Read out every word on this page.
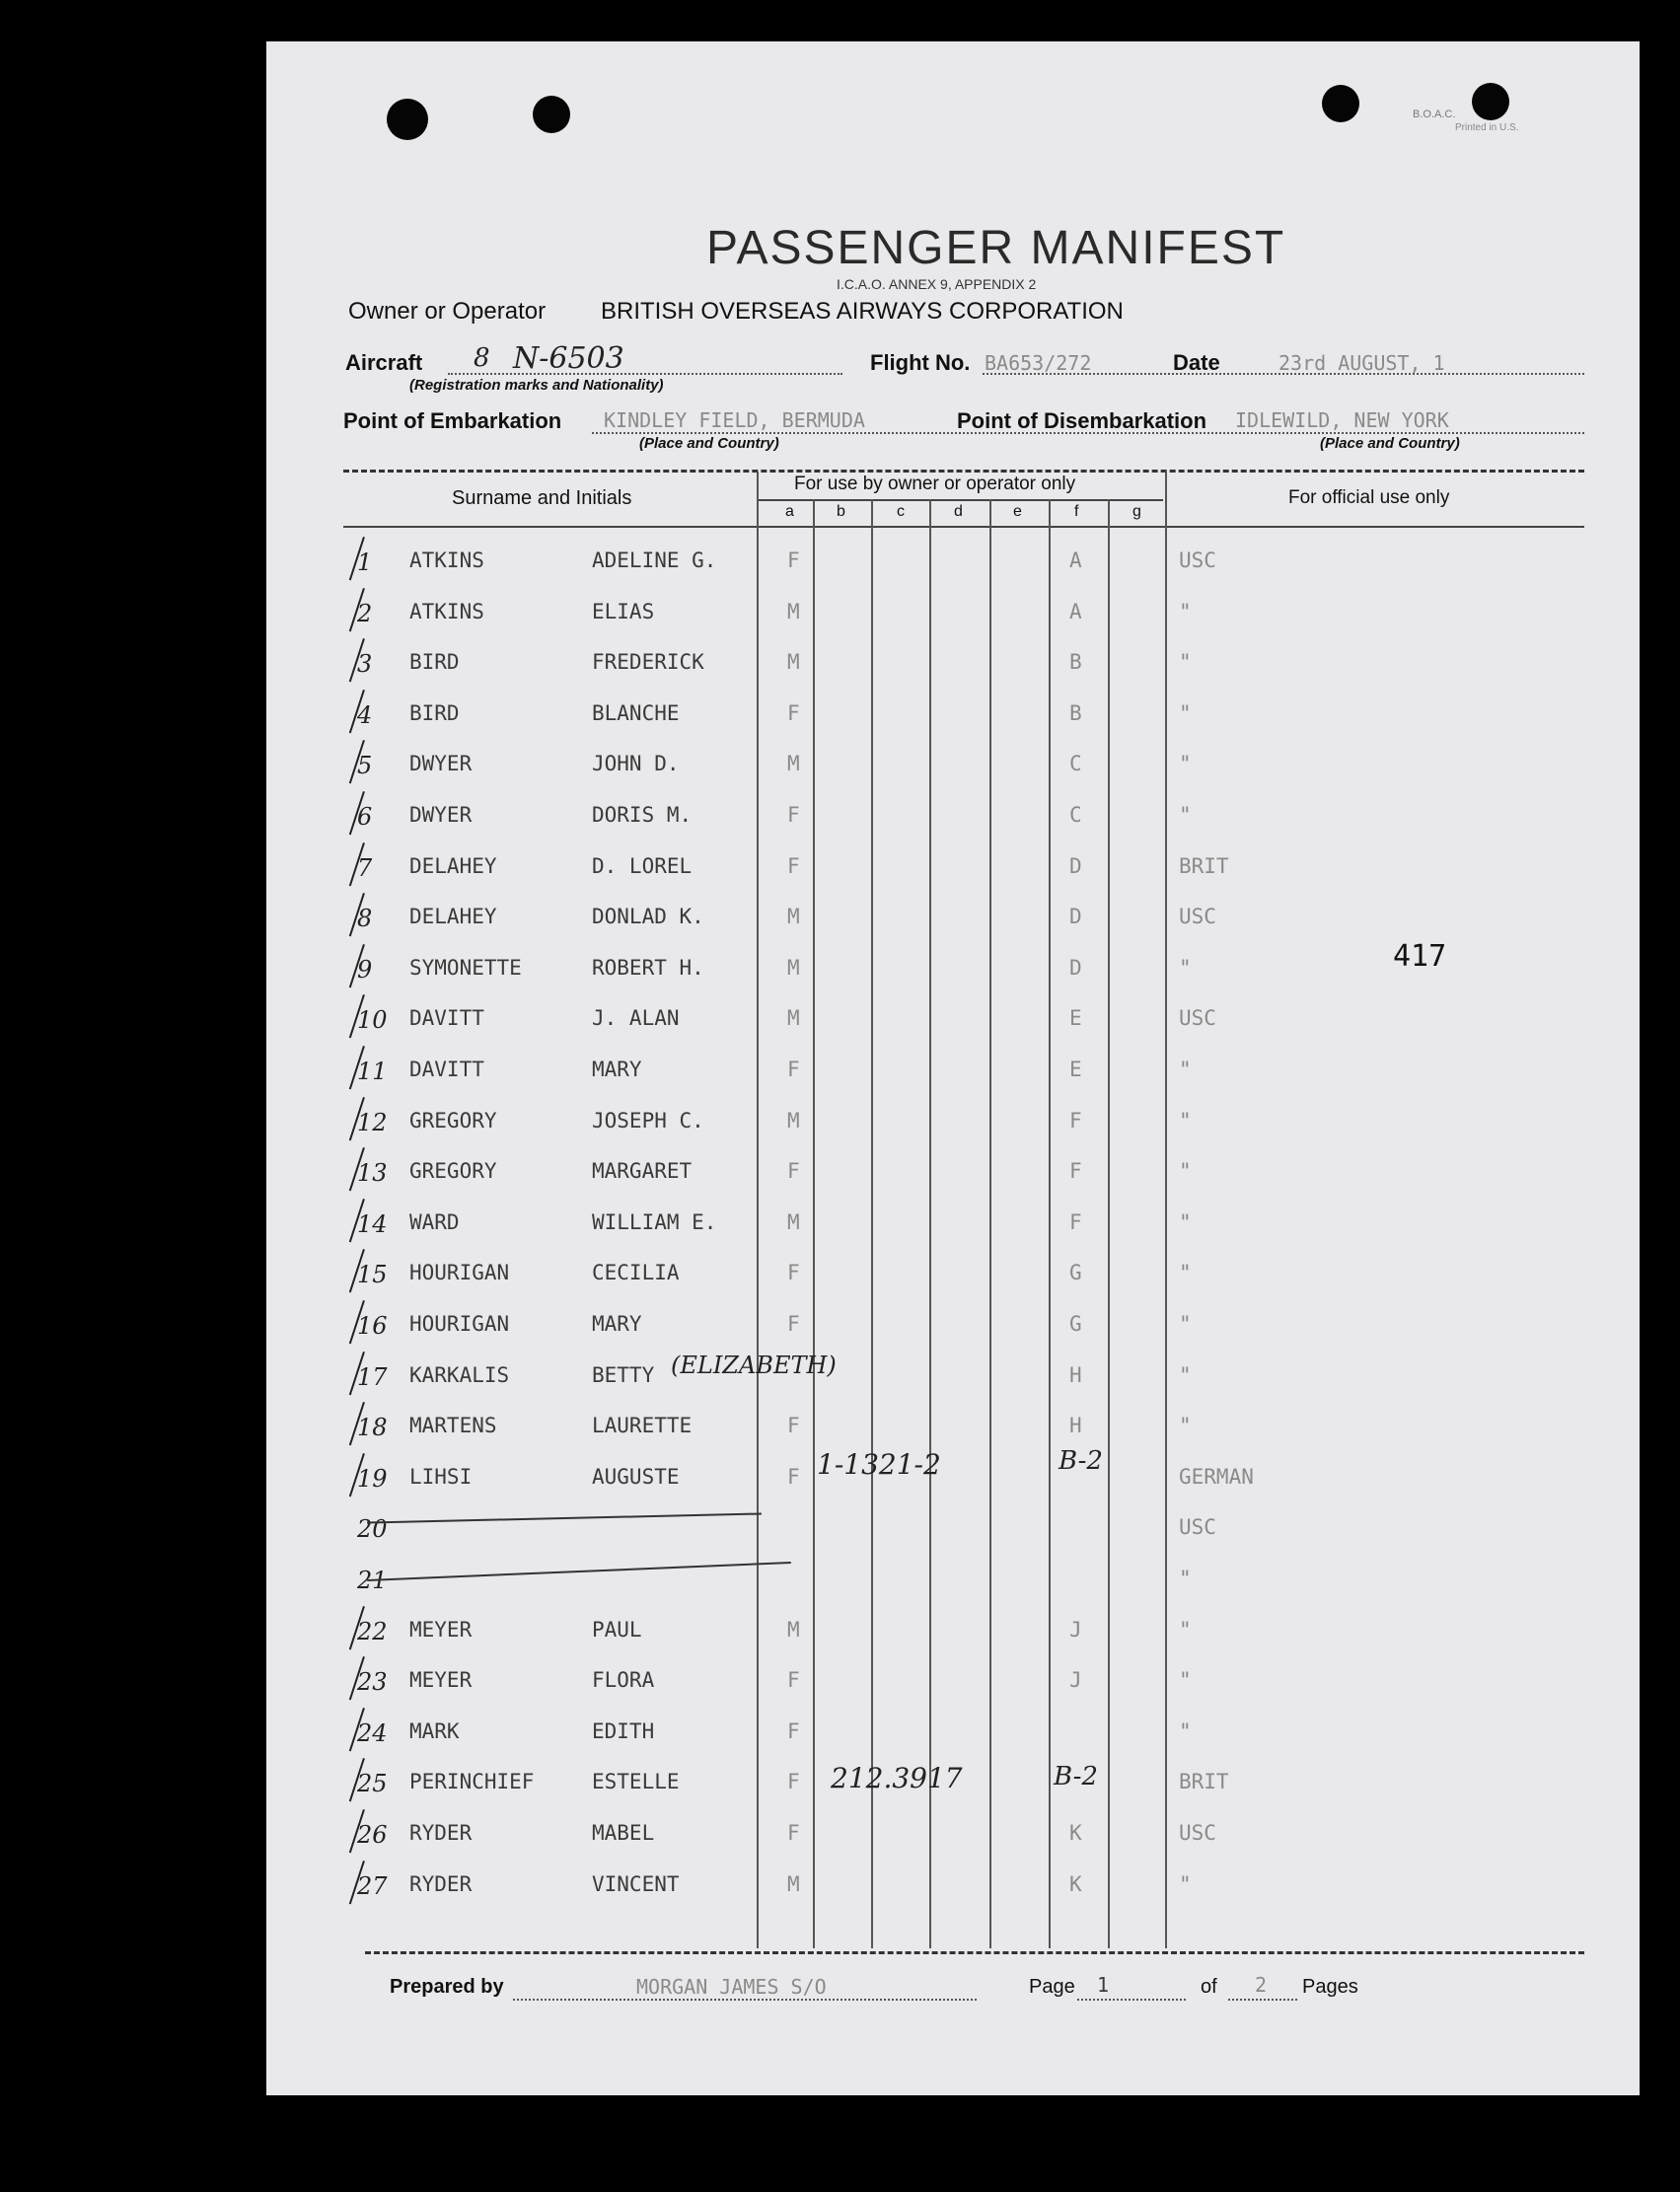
B.O.A.C.
Printed in U.S.
PASSENGER MANIFEST
I.C.A.O. ANNEX 9, APPENDIX 2
Owner or Operator BRITISH OVERSEAS AIRWAYS CORPORATION
Aircraft 8 N-6503
(Registration marks and Nationality)
Flight No. BA653/272	Date	23rd AUGUST, 1
Point of Embarkation KINDLEY FIELD, BERMUDA
(Place and Country)
Point of Disembarkation IDLEWILD, NEW YORK
(Place and Country)
Surname and Initials
For use by owner or operator only
For official use only
a	b	c	d	e	f	g
1 ATKINS	ADELINE G.	F	A	USC
2 ATKINS	ELIAS	M	A	"
3 BIRD	FREDERICK	M	B	"
4 BIRD	BLANCHE	F	B	"
5 DWYER	JOHN D.	M	C	"
6 DWYER	DORIS M.	F	C	"
7 DELAHEY	D. LOREL	F	D	BRIT
8 DELAHEY	DONLAD K.	M	D	USC
9 SYMONETTE	ROBERT H.	M	D	"
10 DAVITT	J. ALAN	M	E	USC
11 DAVITT	MARY	F	E	"
12 GREGORY	JOSEPH C.	M	F	"
13 GREGORY	MARGARET	F	F	"
14 WARD	WILLIAM E.	M	F	"
15 HOURIGAN	CECILIA	F	G	"
16 HOURIGAN	MARY	F	G	"
17 KARKALIS	BETTY	H	"
18 MARTENS	LAURETTE	F	H	"
19 LIHSI	AUGUSTE	F	GERMAN
20	USC
21	"
22 MEYER	PAUL	M	J	"
23 MEYER	FLORA	F	J	"
24 MARK	EDITH	F	"
25 PERINCHIEF	ESTELLE	F	BRIT
26 RYDER	MABEL	F	K	USC
27 RYDER	VINCENT	M	K	"
417
(ELIZABETH)
1-1321-2	B-2
212.3917	B-2
Prepared by	MORGAN JAMES S/O	Page 1	of 2 Pages
